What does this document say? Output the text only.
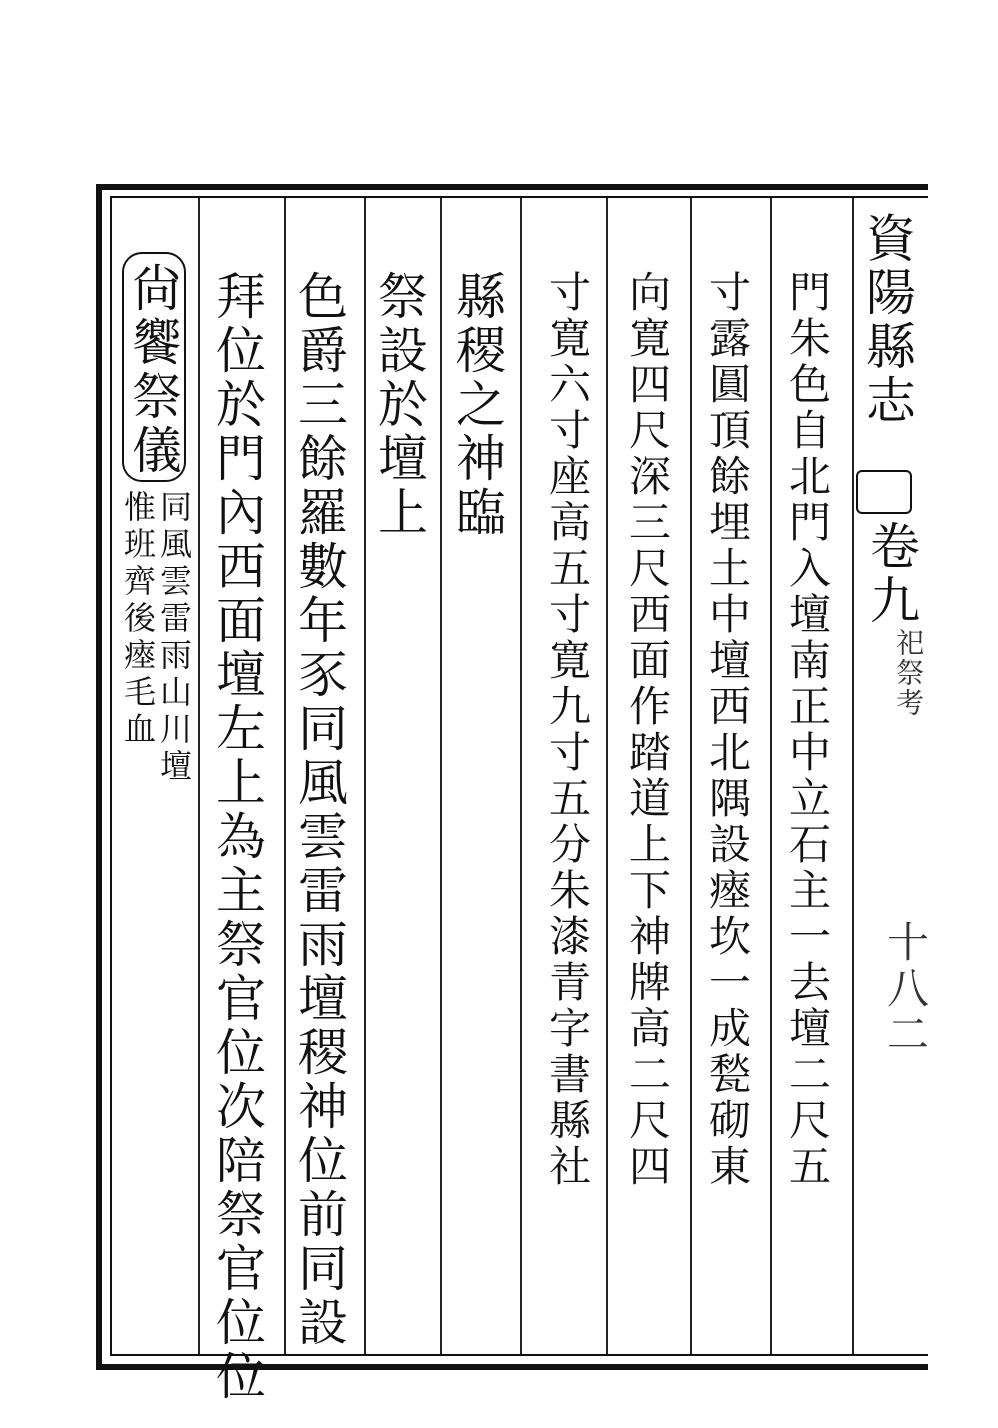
資陽縣志
卷九
祀祭考
十八二
門朱色自北門入壇南正中立石主一去壇二尺五
寸露圓頂餘埋土中壇西北隅設瘞坎一成甃砌東
向寛四尺深三尺西面作踏道上下神牌高二尺四
寸寛六寸座高五寸寛九寸五分朱漆青字書縣社
縣稷之神臨
祭設於壇上
色爵三餘羅數年豕同風雲雷雨壇稷神位前同設
拜位於門內西面壇左上為主祭官位次陪祭官位位
尙饗祭儀
同風雲雷雨山川壇
惟班齊後瘞毛血
